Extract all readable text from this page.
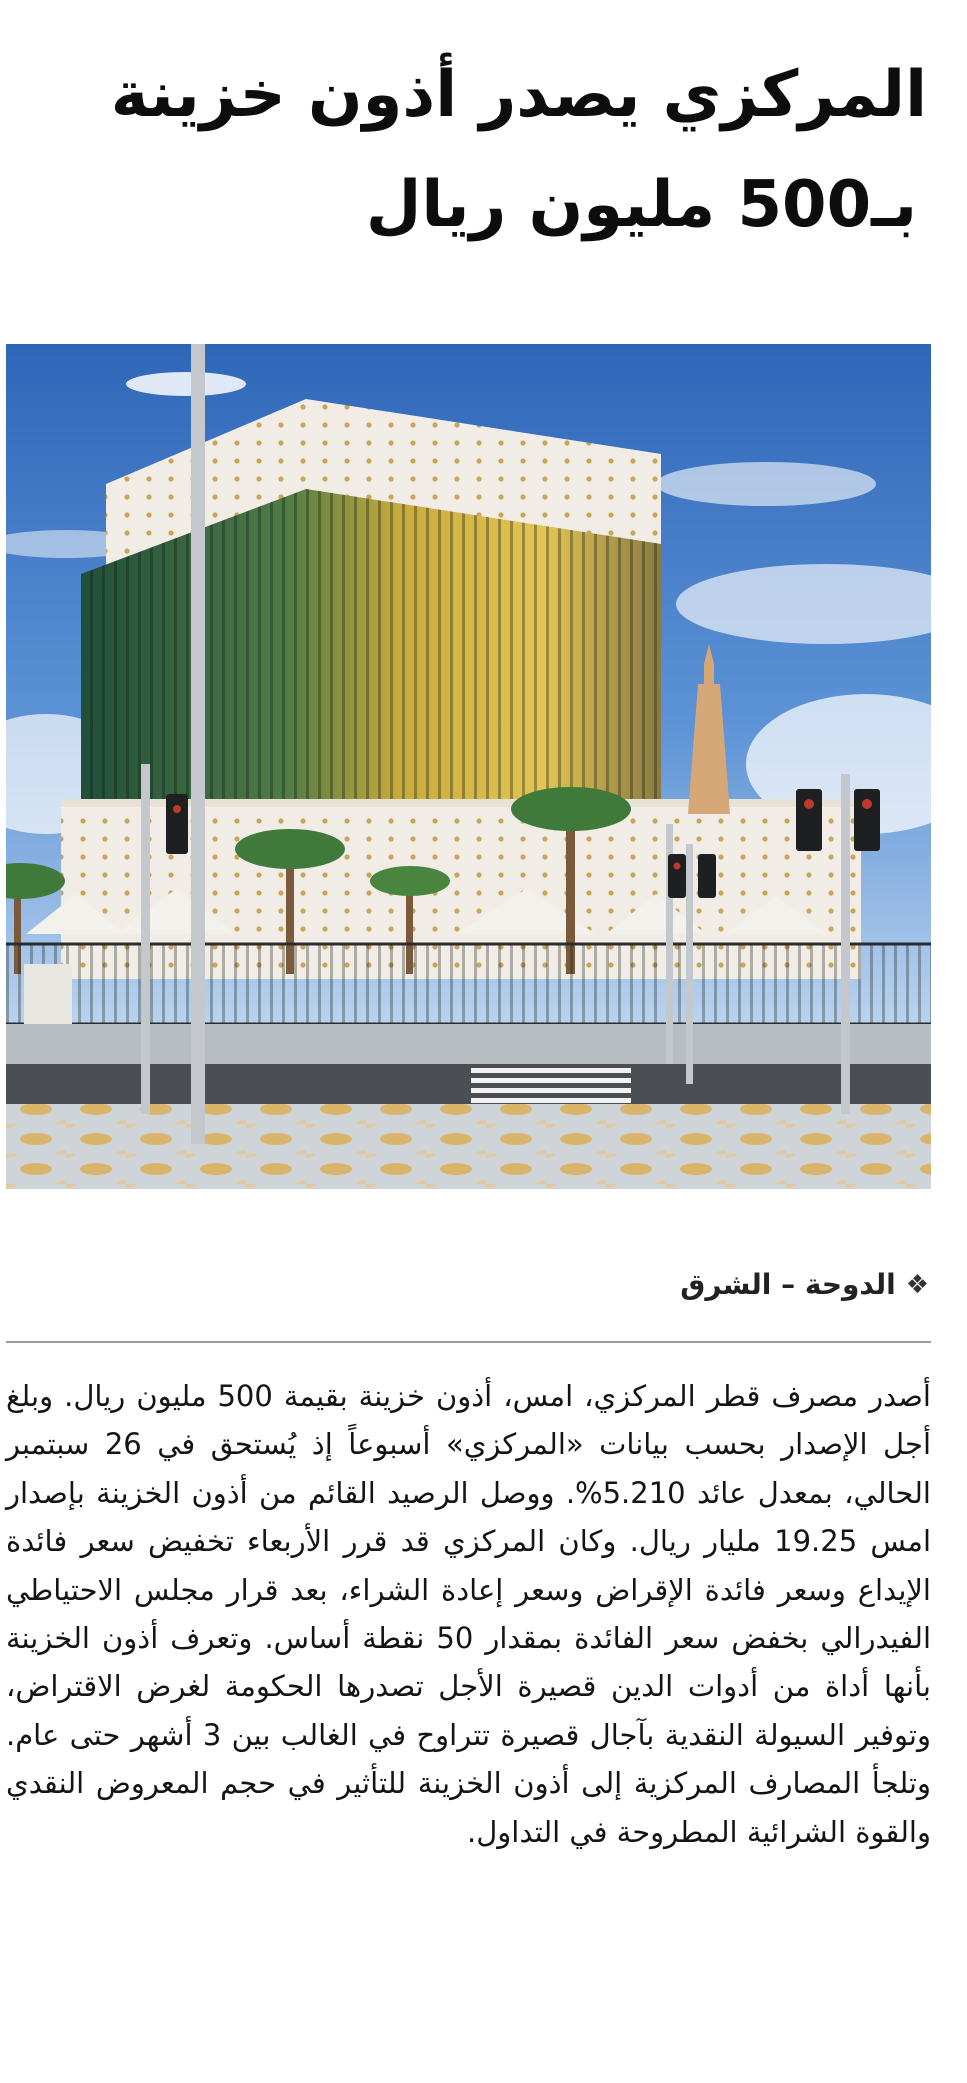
المركزي يصدر أذون خزينة
بـ500 مليون ريال
❖
الدوحة – الشرق

أصدر مصرف قطر المركزي، امس، أذون خزينة بقيمة 500 مليون ريال. وبلغ أجل الإصدار بحسب بيانات «المركزي» أسبوعاً إذ يُستحق في 26 سبتمبر الحالي، بمعدل عائد 5.210%. ووصل الرصيد القائم من أذون الخزينة بإصدار امس 19.25 مليار ريال. وكان المركزي قد قرر الأربعاء تخفيض سعر فائدة الإيداع وسعر فائدة الإقراض وسعر إعادة الشراء، بعد قرار مجلس الاحتياطي الفيدرالي بخفض سعر الفائدة بمقدار 50 نقطة أساس. وتعرف أذون الخزينة بأنها أداة من أدوات الدين قصيرة الأجل تصدرها الحكومة لغرض الاقتراض، وتوفير السيولة النقدية بآجال قصيرة تتراوح في الغالب بين 3 أشهر حتى عام. وتلجأ المصارف المركزية إلى أذون الخزينة للتأثير في حجم المعروض النقدي والقوة الشرائية المطروحة في التداول.
